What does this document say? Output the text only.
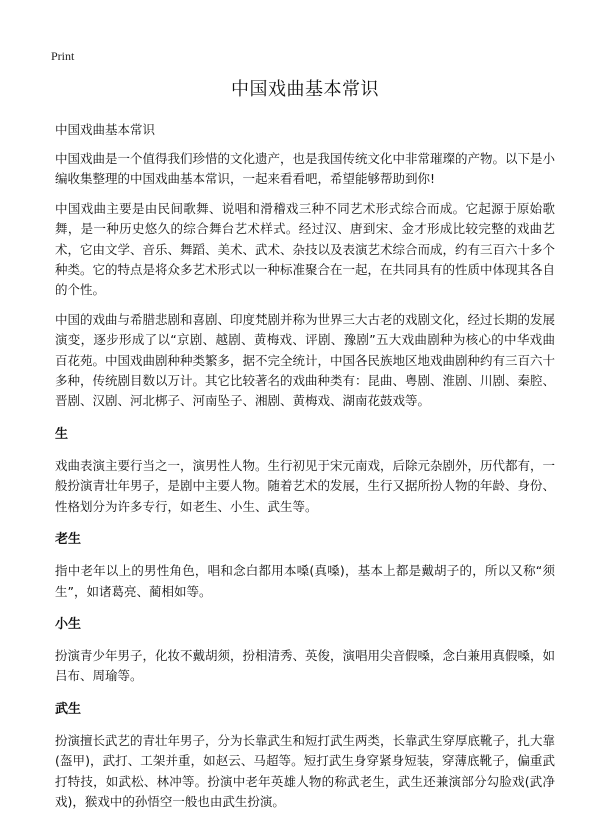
Print
中国戏曲基本常识

中国戏曲基本常识

中国戏曲是一个值得我们珍惜的文化遗产，也是我国传统文化中非常璀璨的产物。以下是小编收集整理的中国戏曲基本常识，一起来看看吧，希望能够帮助到你!

中国戏曲主要是由民间歌舞、说唱和滑稽戏三种不同艺术形式综合而成。它起源于原始歌舞，是一种历史悠久的综合舞台艺术样式。经过汉、唐到宋、金才形成比较完整的戏曲艺术，它由文学、音乐、舞蹈、美术、武术、杂技以及表演艺术综合而成，约有三百六十多个种类。它的特点是将众多艺术形式以一种标准聚合在一起，在共同具有的性质中体现其各自的个性。

中国的戏曲与希腊悲剧和喜剧、印度梵剧并称为世界三大古老的戏剧文化，经过长期的发展演变，逐步形成了以“京剧、越剧、黄梅戏、评剧、豫剧”五大戏曲剧种为核心的中华戏曲百花苑。中国戏曲剧种种类繁多，据不完全统计，中国各民族地区地戏曲剧种约有三百六十多种，传统剧目数以万计。其它比较著名的戏曲种类有：昆曲、粤剧、淮剧、川剧、秦腔、晋剧、汉剧、河北梆子、河南坠子、湘剧、黄梅戏、湖南花鼓戏等。

生

戏曲表演主要行当之一，演男性人物。生行初见于宋元南戏，后除元杂剧外，历代都有，一般扮演青壮年男子，是剧中主要人物。随着艺术的发展，生行又据所扮人物的年龄、身份、性格划分为许多专行，如老生、小生、武生等。

老生

指中老年以上的男性角色，唱和念白都用本嗓(真嗓)，基本上都是戴胡子的，所以又称“须生”，如诸葛亮、蔺相如等。

小生

扮演青少年男子，化妆不戴胡须，扮相清秀、英俊，演唱用尖音假嗓，念白兼用真假嗓，如吕布、周瑜等。

武生

扮演擅长武艺的青壮年男子，分为长靠武生和短打武生两类，长靠武生穿厚底靴子，扎大靠(盔甲)，武打、工架并重，如赵云、马超等。短打武生身穿紧身短装，穿薄底靴子，偏重武打特技，如武松、林冲等。扮演中老年英雄人物的称武老生，武生还兼演部分勾脸戏(武净戏)，猴戏中的孙悟空一般也由武生扮演。
